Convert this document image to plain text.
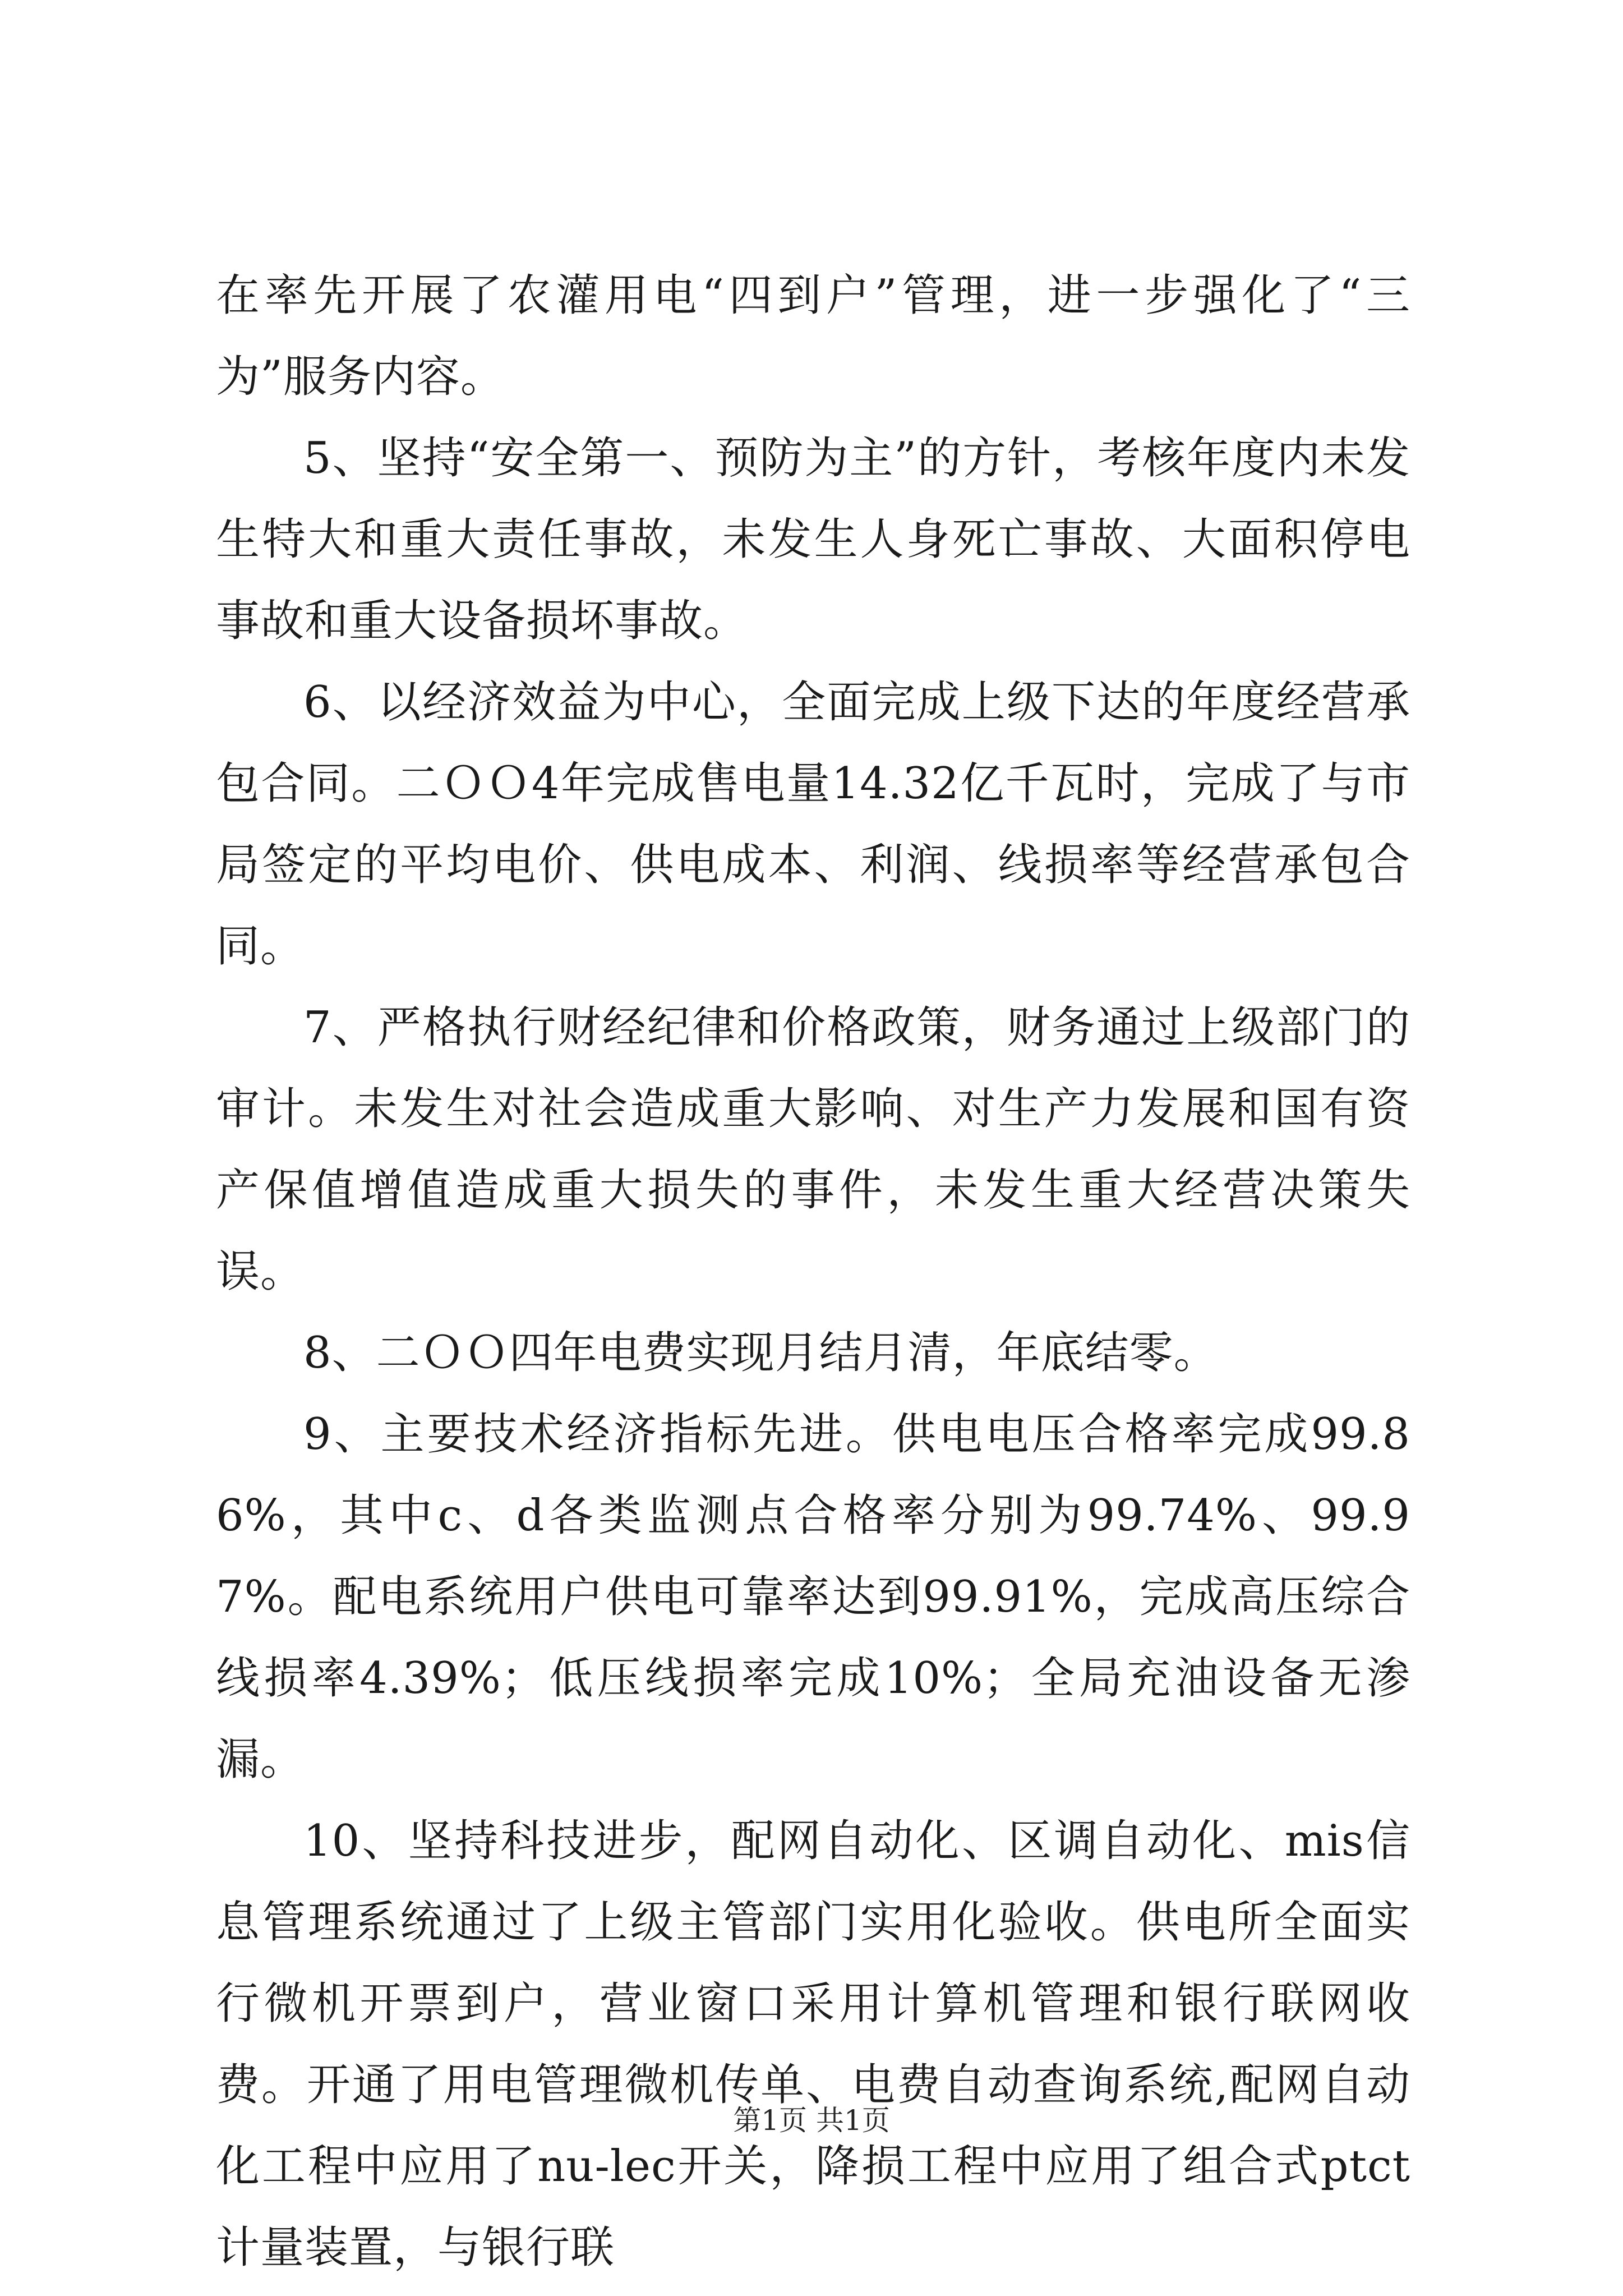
在率先开展了农灌用电“四到户”管理，进一步强化了“三为”服务内容。

5、坚持“安全第一、预防为主”的方针，考核年度内未发生特大和重大责任事故，未发生人身死亡事故、大面积停电事故和重大设备损坏事故。

6、以经济效益为中心，全面完成上级下达的年度经营承包合同。二ＯＯ4年完成售电量14.32亿千瓦时，完成了与市局签定的平均电价、供电成本、利润、线损率等经营承包合同。

7、严格执行财经纪律和价格政策，财务通过上级部门的审计。未发生对社会造成重大影响、对生产力发展和国有资产保值增值造成重大损失的事件，未发生重大经营决策失误。

8、二ＯＯ四年电费实现月结月清，年底结零。

9、主要技术经济指标先进。供电电压合格率完成99.86%，其中c、d各类监测点合格率分别为99.74%、99.97%。配电系统用户供电可靠率达到99.91%，完成高压综合线损率4.39%；低压线损率完成10%；全局充油设备无渗漏。

10、坚持科技进步，配网自动化、区调自动化、mis信息管理系统通过了上级主管部门实用化验收。供电所全面实行微机开票到户，营业窗口采用计算机管理和银行联网收费。开通了用电管理微机传单、电费自动查询系统,配网自动化工程中应用了nu-lec开关，降损工程中应用了组合式ptct计量装置，与银行联

第1页 共1页
